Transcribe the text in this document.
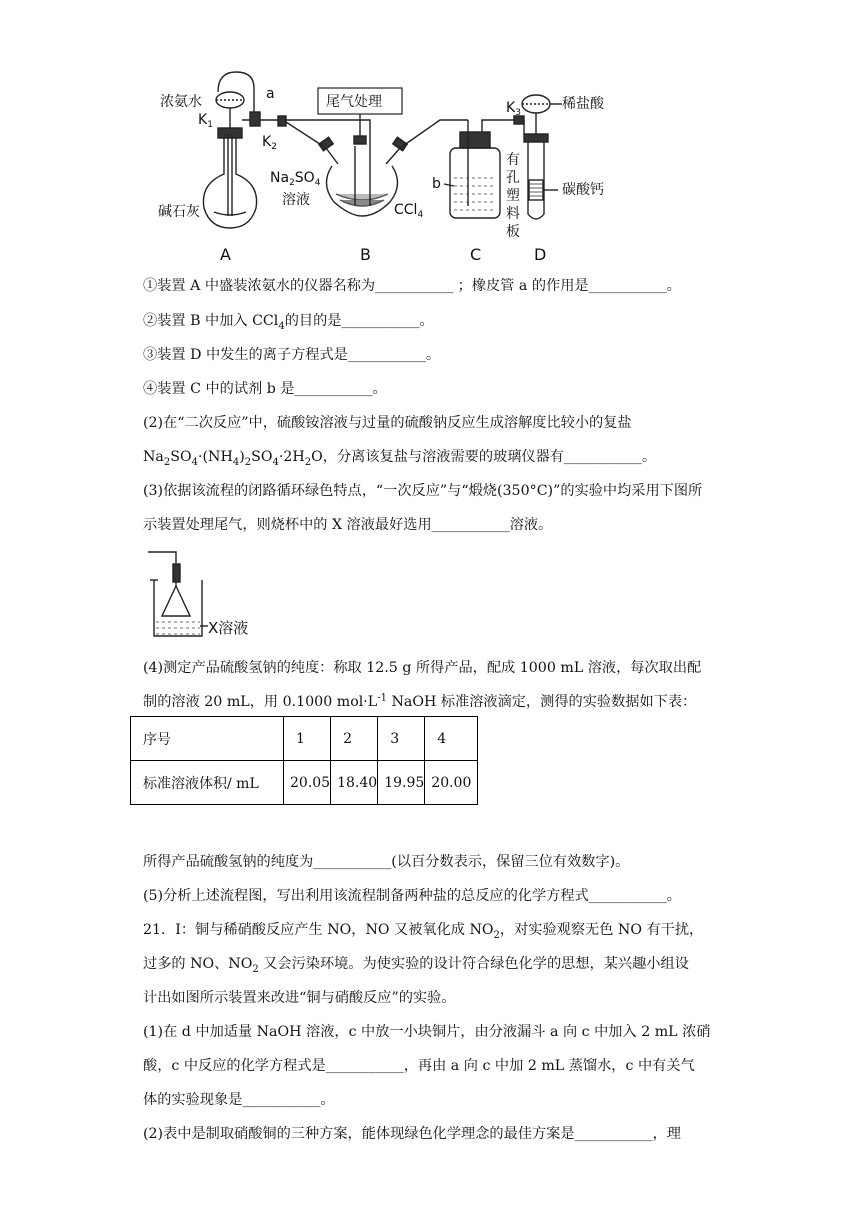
浓氨水	a
$K_1$
$K_2$
碱石灰
尾气处理
$Na_2SO_4$
溶液
CCl$_4$
b
有
孔
塑
料
板
$K_3$
稀盐酸
碳酸钙
A	B	C	D
①装置 A 中盛装浓氨水的仪器名称为___________ ；橡皮管 a 的作用是___________。
②装置 B 中加入 CCl$_4$的目的是___________。
③装置 D 中发生的离子方程式是___________。
④装置 C 中的试剂 b 是___________。
(2)在“二次反应”中，硫酸铵溶液与过量的硫酸钠反应生成溶解度比较小的复盐
$Na_2SO_4\cdot(NH_4)_2SO_4\cdot 2H_2O$，分离该复盐与溶液需要的玻璃仪器有___________。
(3)依据该流程的闭路循环绿色特点，“一次反应”与“煅烧(350°C)”的实验中均采用下图所
示装置处理尾气，则烧杯中的 X 溶液最好选用___________溶液。
X溶液
(4)测定产品硫酸氢钠的纯度：称取 12.5 g 所得产品，配成 1000 mL 溶液，每次取出配
制的溶液 20 mL，用 0.1000 $mol\cdot L^{-1}$ NaOH 标准溶液滴定，测得的实验数据如下表：
序号	1	2	3	4
标准溶液体积/ mL	20.05	18.40	19.95	20.00
所得产品硫酸氢钠的纯度为___________(以百分数表示，保留三位有效数字)。
(5)分析上述流程图，写出利用该流程制备两种盐的总反应的化学方程式___________。
21．I：铜与稀硝酸反应产生 NO，NO 又被氧化成 $NO_2$，对实验观察无色 NO 有干扰，
过多的 NO、$NO_2$ 又会污染环境。为使实验的设计符合绿色化学的思想，某兴趣小组设
计出如图所示装置来改进“铜与硝酸反应”的实验。
(1)在 d 中加适量 NaOH 溶液，c 中放一小块铜片，由分液漏斗 a 向 c 中加入 2 mL 浓硝
酸，c 中反应的化学方程式是___________，再由 a 向 c 中加 2 mL 蒸馏水，c 中有关气
体的实验现象是___________。
(2)表中是制取硝酸铜的三种方案，能体现绿色化学理念的最佳方案是___________，理
